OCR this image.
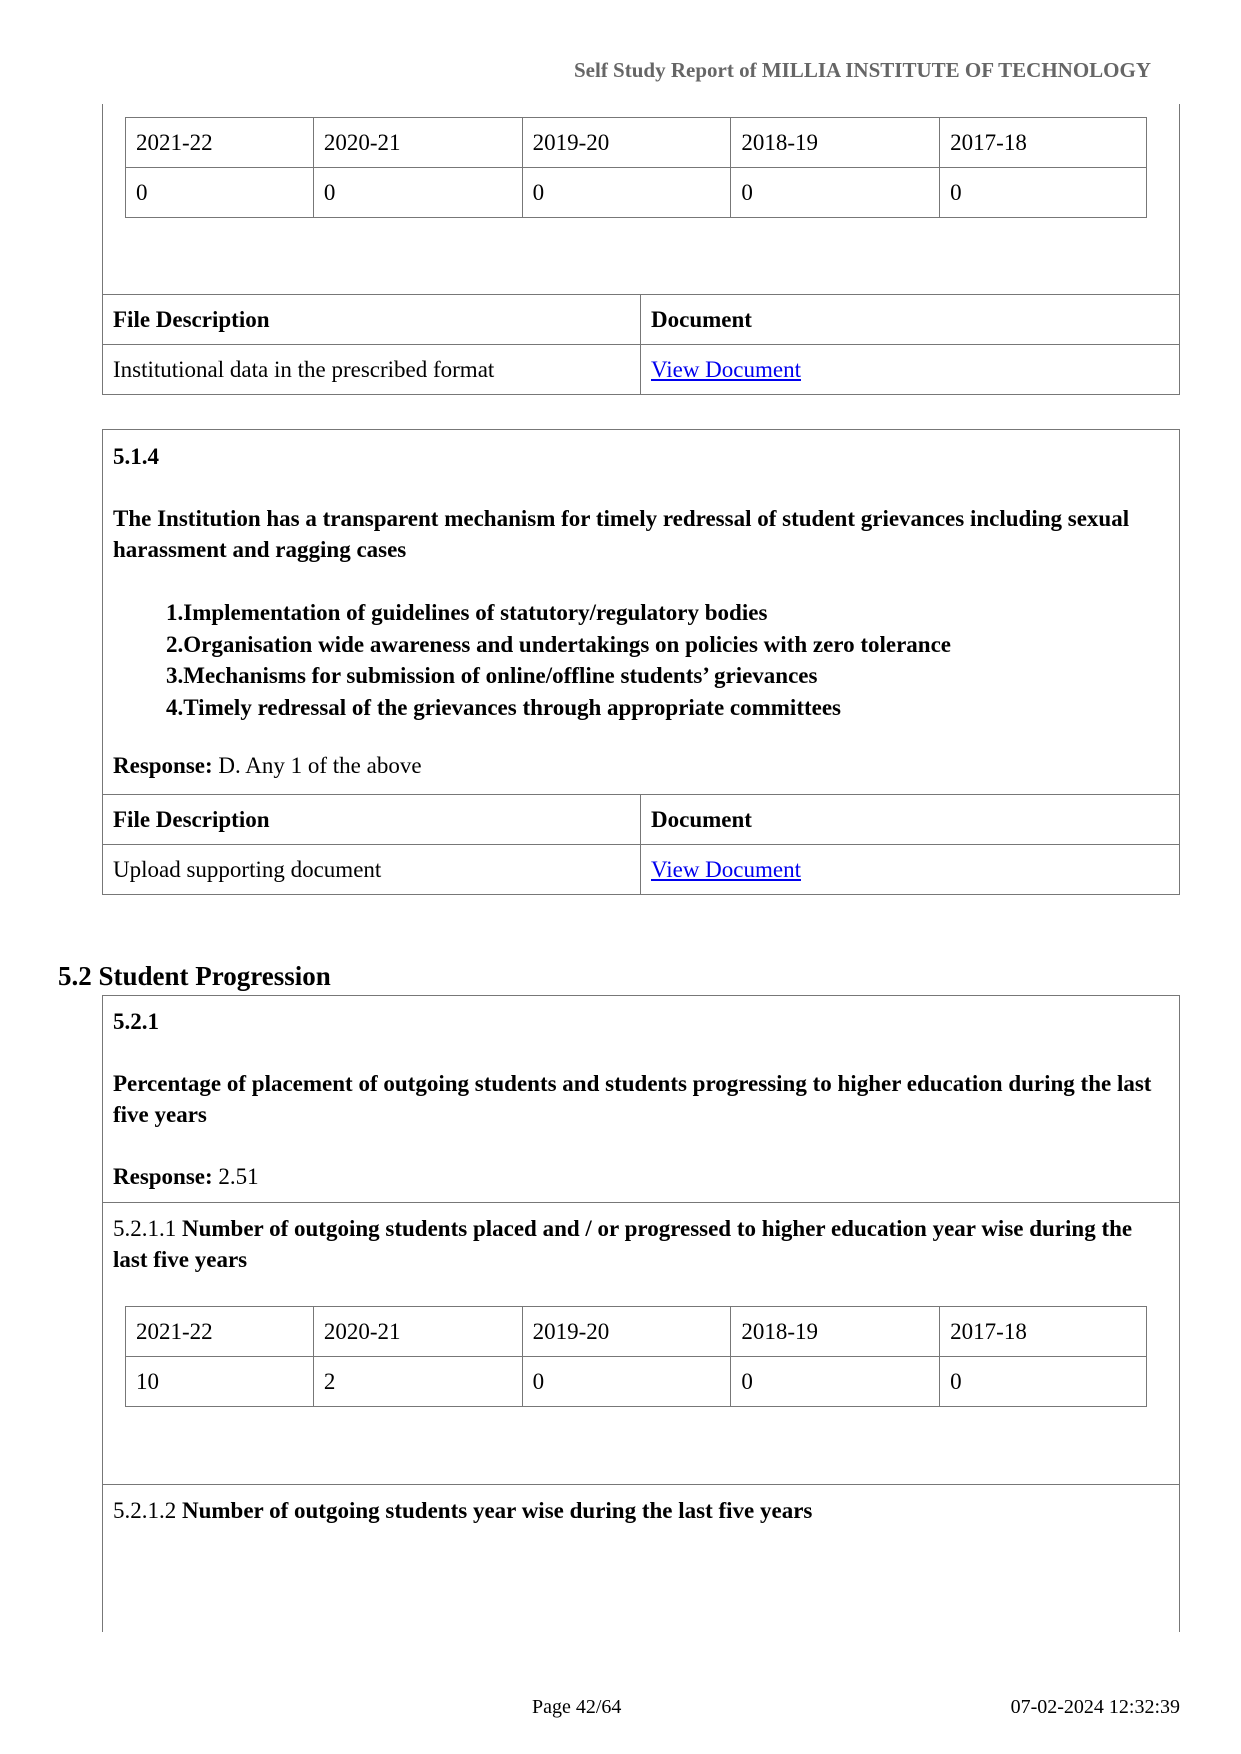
Self Study Report of MILLIA INSTITUTE OF TECHNOLOGY
2021-22	2020-21	2019-20	2018-19	2017-18
0	0	0	0	0
File Description	Document
Institutional data in the prescribed format	View Document
5.1.4
The Institution has a transparent mechanism for timely redressal of student grievances including sexual harassment and ragging cases
1.Implementation of guidelines of statutory/regulatory bodies
2.Organisation wide awareness and undertakings on policies with zero tolerance
3.Mechanisms for submission of online/offline students’ grievances
4.Timely redressal of the grievances through appropriate committees
Response: D. Any 1 of the above
File Description	Document
Upload supporting document	View Document
5.2 Student Progression
5.2.1
Percentage of placement of outgoing students and students progressing to higher education during the last five years
Response: 2.51
5.2.1.1 Number of outgoing students placed and / or progressed to higher education year wise during the last five years
2021-22	2020-21	2019-20	2018-19	2017-18
10	2	0	0	0
5.2.1.2 Number of outgoing students year wise during the last five years
Page 42/64	07-02-2024 12:32:39
